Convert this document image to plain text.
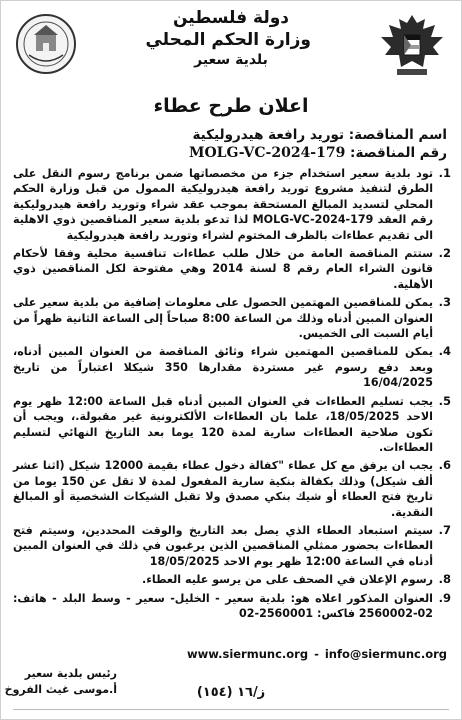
دولة فلسطين
وزارة الحكم المحلي
بلدية سعير
اعلان طرح عطاء
اسم المناقصة: توريد رافعة هيدروليكية
رقم المناقصة: MOLG-VC-2024-179
1.
تود بلدية سعير استخدام جزء من مخصصاتها ضمن برنامج رسوم النقل على الطرق لتنفيذ مشروع توريد رافعة هيدروليكية الممول من قبل وزارة الحكم المحلي لتسديد المبالغ المستحقة بموجب عقد شراء وتوريد رافعة هيدروليكية رقم العقد MOLG-VC-2024-179 لذا تدعو بلدية سعير المناقصين ذوي الاهلية الى تقديم عطاءات بالظرف المختوم لشراء وتوريد رافعة هيدروليكية
2.
ستتم المناقصة العامة من خلال طلب عطاءات تنافسية محلية وفقا لأحكام قانون الشراء العام رقم 8 لسنة 2014 وهي مفتوحة لكل المناقصين ذوي الأهلية.
3.
يمكن للمناقصين المهتمين الحصول على معلومات إضافية من بلدية سعير على العنوان المبين أدناه وذلك من الساعة 8:00 صباحاً إلى الساعة الثانية ظهراً من أيام السبت الى الخميس.
4.
يمكن للمناقصين المهتمين شراء وثائق المناقصة من العنوان المبين أدناه، وبعد دفع رسوم غير مستردة مقدارها 350 شيكلا اعتباراً من تاريخ 16/04/2025
5.
يجب تسليم العطاءات في العنوان المبين أدناه قبل الساعة 12:00 ظهر يوم الاحد 18/05/2025، علما بان العطاءات الألكترونية غير مقبولة.، ويجب أن تكون صلاحية العطاءات سارية لمدة 120 يوما بعد التاريخ النهائي لتسليم العطاءات.
6.
يجب ان يرفق مع كل عطاء "كفالة دخول عطاء بقيمة 12000 شيكل (اثنا عشر ألف شيكل) وذلك بكفالة بنكية سارية المفعول لمدة لا تقل عن 150 يوما من تاريخ فتح العطاء أو شيك بنكي مصدق ولا تقبل الشيكات الشخصية أو المبالغ النقدية.
7.
سيتم استبعاد العطاء الذي يصل بعد التاريخ والوقت المحددين، وسيتم فتح العطاءات بحضور ممثلي المناقصين الذين يرغبون في ذلك في العنوان المبين أدناه في الساعة 12:00 ظهر يوم الاحد 18/05/2025
8.
رسوم الإعلان في الصحف على من يرسو عليه العطاء.
9.
العنوان المذكور اعلاه هو: بلدية سعير - الخليل- سعير - وسط البلد - هاتف: 02-2560002 فاكس: 2560001-02
www.siermunc.org - info@siermunc.org
رئيس بلدية سعير
أ.موسى غيث الفروخ	ز/١٦ (١٥٤)
